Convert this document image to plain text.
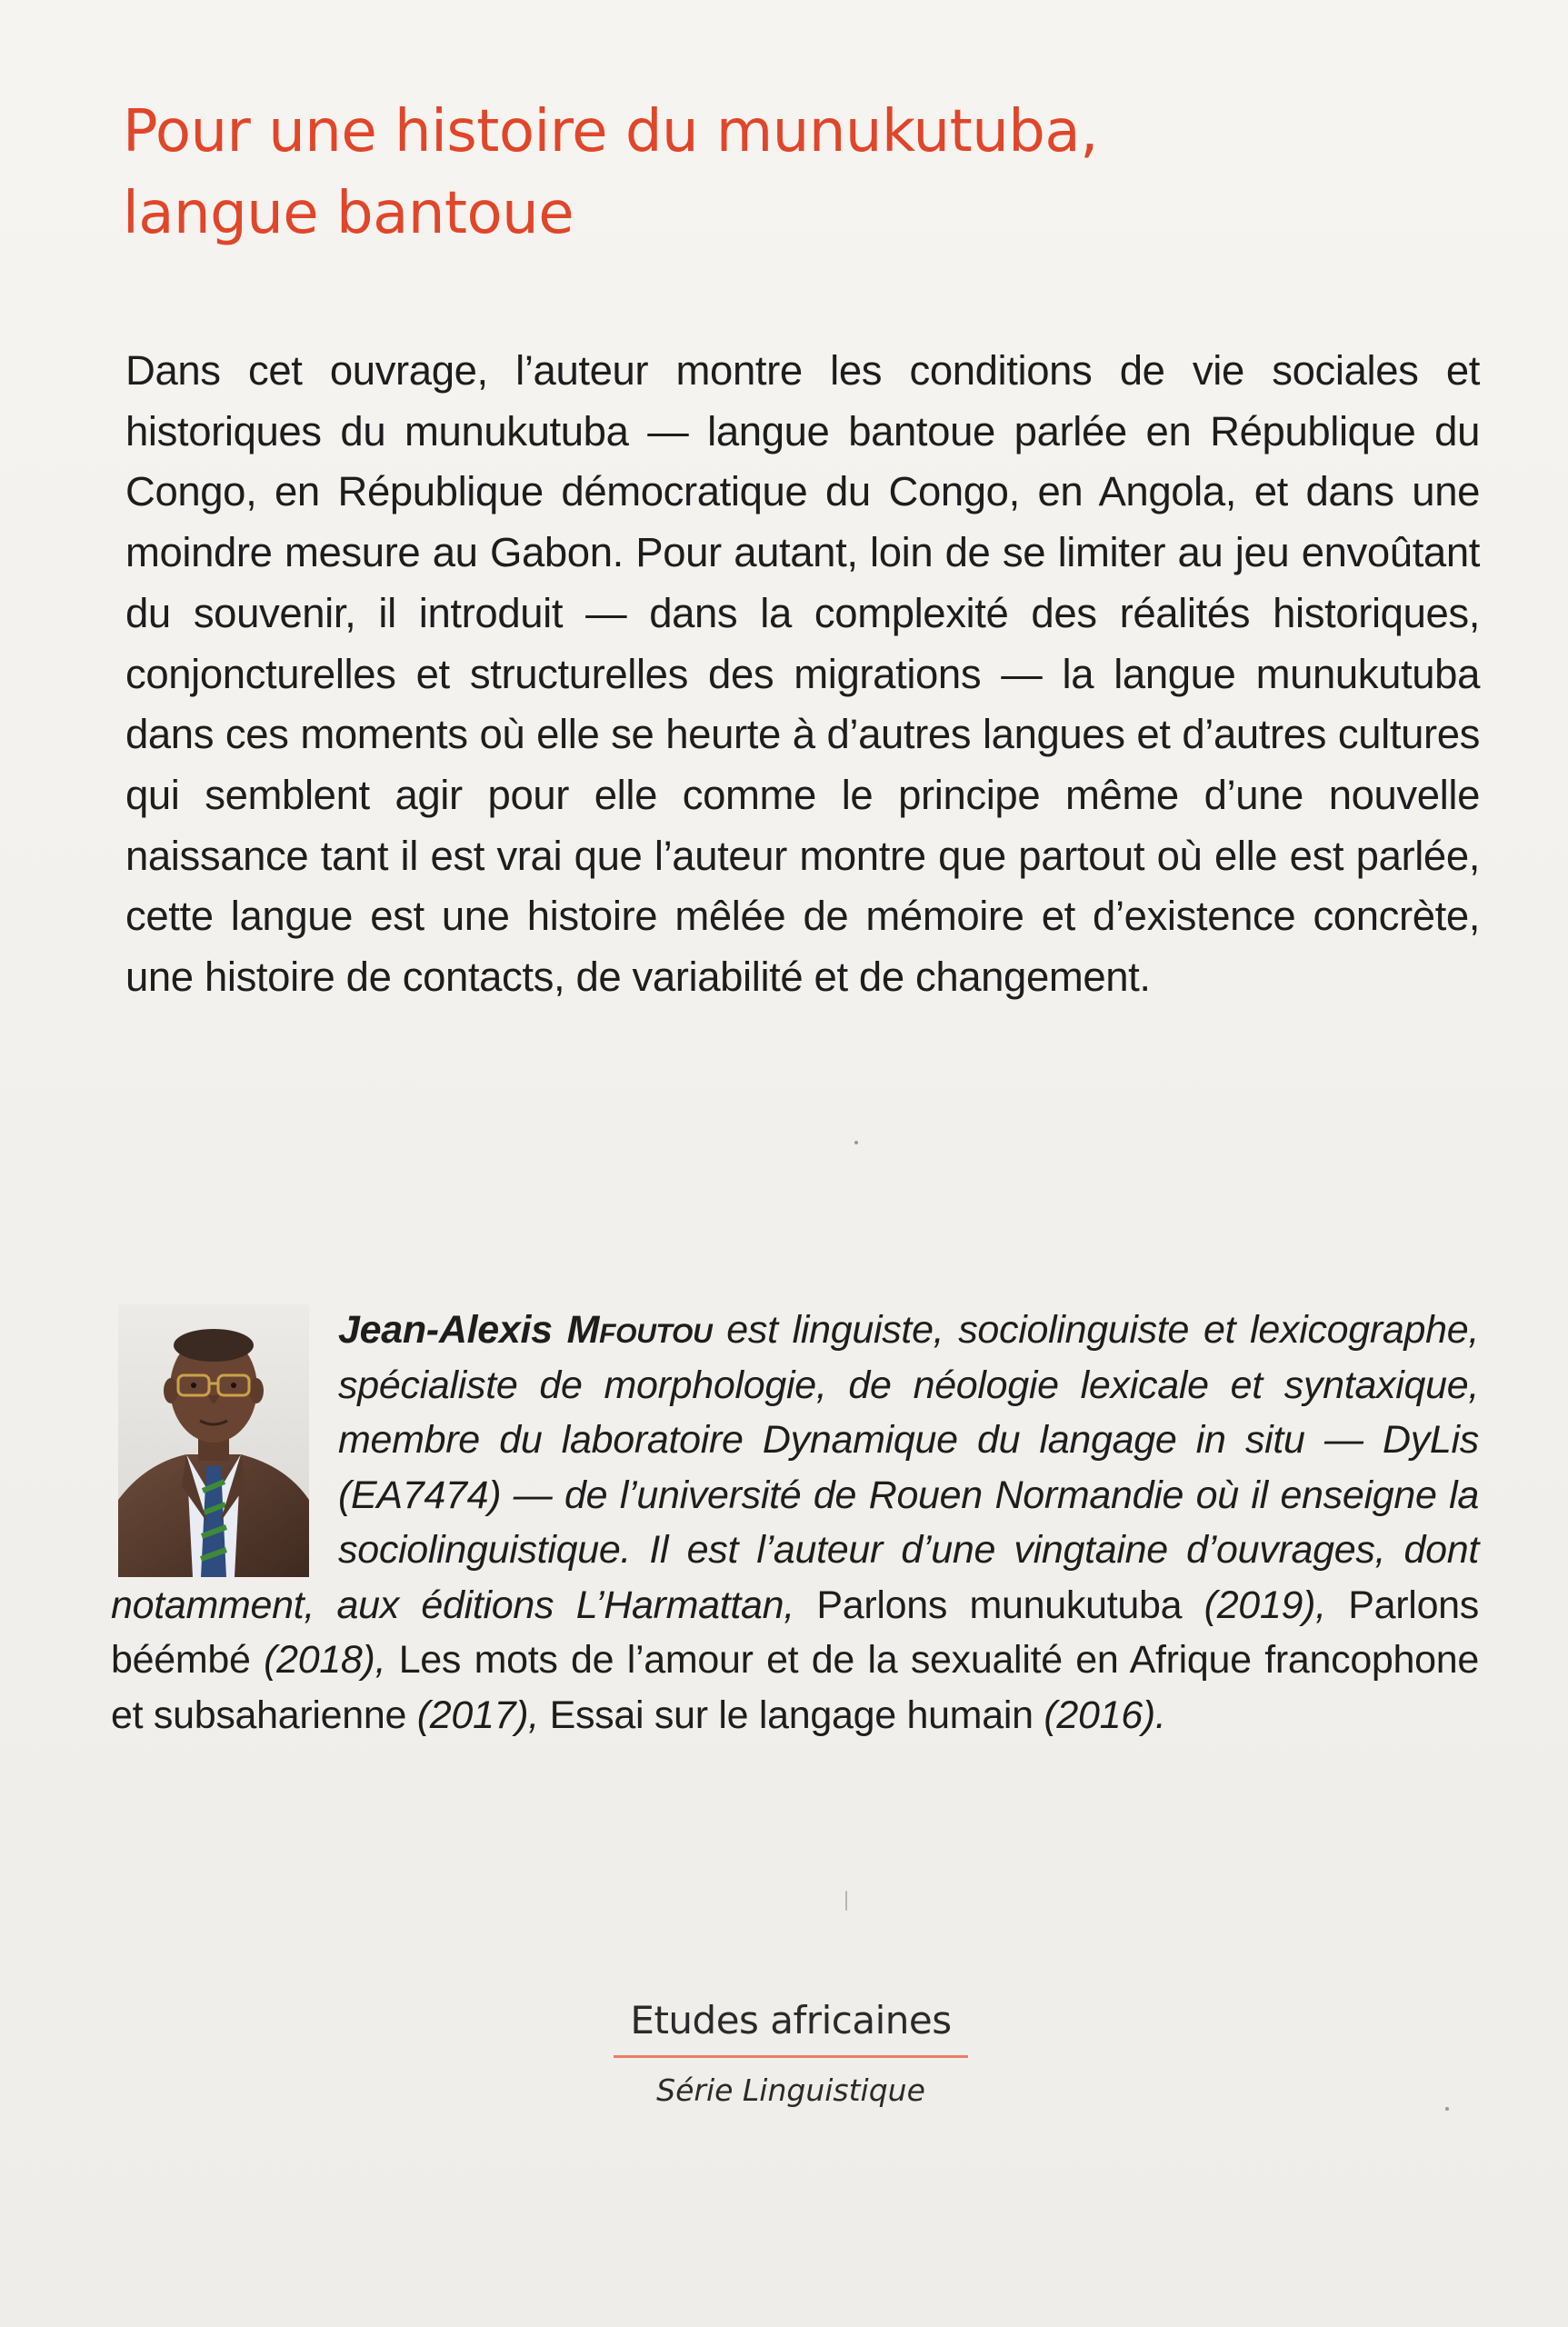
Pour une histoire du munukutuba,
langue bantoue

Dans cet ouvrage, l’auteur montre les conditions de vie sociales et historiques du munukutuba — langue bantoue parlée en République du Congo, en République démocratique du Congo, en Angola, et dans une moindre mesure au Gabon. Pour autant, loin de se limiter au jeu envoûtant du souvenir, il introduit — dans la complexité des réalités historiques, conjoncturelles et structurelles des migrations — la langue munukutuba dans ces moments où elle se heurte à d’autres langues et d’autres cultures qui semblent agir pour elle comme le principe même d’une nouvelle naissance tant il est vrai que l’auteur montre que partout où elle est parlée, cette langue est une histoire mêlée de mémoire et d’existence concrète, une histoire de contacts, de variabilité et de changement.

Jean-Alexis Mfoutou est linguiste, sociolinguiste et lexicographe, spécialiste de morphologie, de néologie lexicale et syntaxique, membre du laboratoire Dynamique du langage in situ — DyLis (EA7474) — de l’université de Rouen Normandie où il enseigne la sociolinguistique. Il est l’auteur d’une vingtaine d’ouvrages, dont notamment, aux éditions L’Harmattan, Parlons munukutuba (2019), Parlons béémbé (2018), Les mots de l’amour et de la sexualité en Afrique francophone et subsaharienne (2017), Essai sur le langage humain (2016).

Etudes africaines
Série Linguistique
